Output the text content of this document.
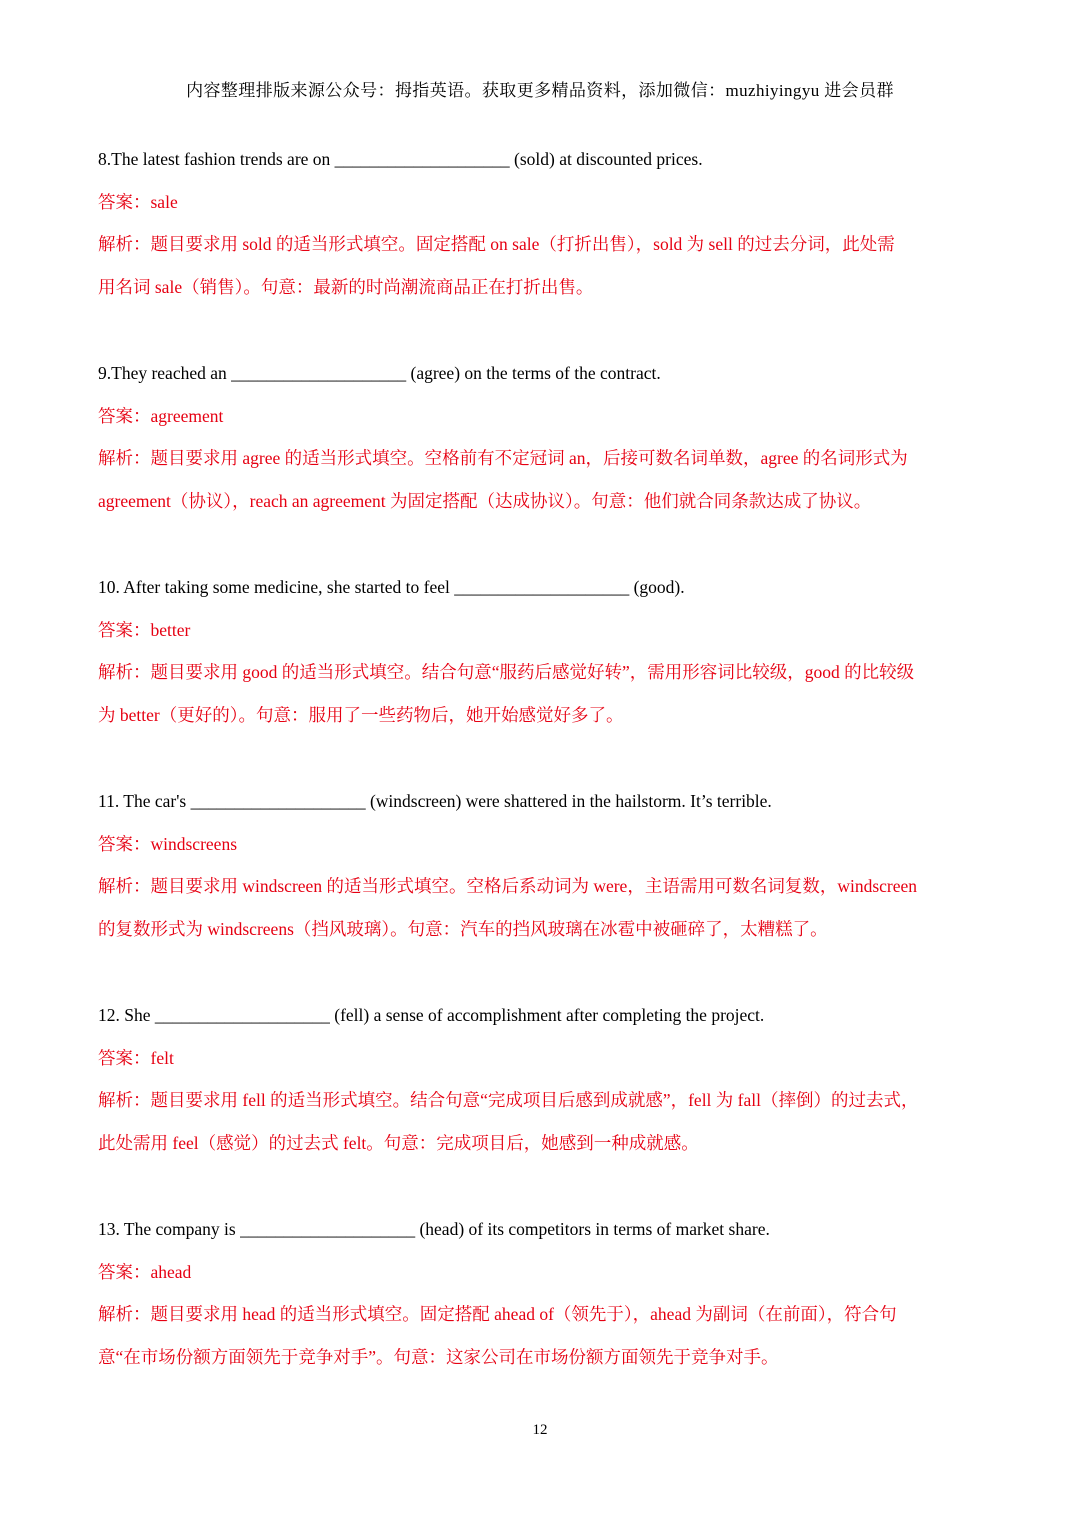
内容整理排版来源公众号：拇指英语。获取更多精品资料，添加微信：muzhiyingyu 进会员群
8.The latest fashion trends are on ____________________ (sold) at discounted prices.
答案：sale
解析：题目要求用 sold 的适当形式填空。固定搭配 on sale（打折出售），sold 为 sell 的过去分词，此处需
用名词 sale（销售）。句意：最新的时尚潮流商品正在打折出售。
9.They reached an ____________________ (agree) on the terms of the contract.
答案：agreement
解析：题目要求用 agree 的适当形式填空。空格前有不定冠词 an，后接可数名词单数，agree 的名词形式为
agreement（协议），reach an agreement 为固定搭配（达成协议）。句意：他们就合同条款达成了协议。
10. After taking some medicine, she started to feel ____________________ (good).
答案：better
解析：题目要求用 good 的适当形式填空。结合句意“服药后感觉好转”，需用形容词比较级，good 的比较级
为 better（更好的）。句意：服用了一些药物后，她开始感觉好多了。
11. The car's ____________________ (windscreen) were shattered in the hailstorm. It’s terrible.
答案：windscreens
解析：题目要求用 windscreen 的适当形式填空。空格后系动词为 were，主语需用可数名词复数，windscreen
的复数形式为 windscreens（挡风玻璃）。句意：汽车的挡风玻璃在冰雹中被砸碎了，太糟糕了。
12. She ____________________ (fell) a sense of accomplishment after completing the project.
答案：felt
解析：题目要求用 fell 的适当形式填空。结合句意“完成项目后感到成就感”，fell 为 fall（摔倒）的过去式，
此处需用 feel（感觉）的过去式 felt。句意：完成项目后，她感到一种成就感。
13. The company is ____________________ (head) of its competitors in terms of market share.
答案：ahead
解析：题目要求用 head 的适当形式填空。固定搭配 ahead of（领先于），ahead 为副词（在前面），符合句
意“在市场份额方面领先于竞争对手”。句意：这家公司在市场份额方面领先于竞争对手。
12
